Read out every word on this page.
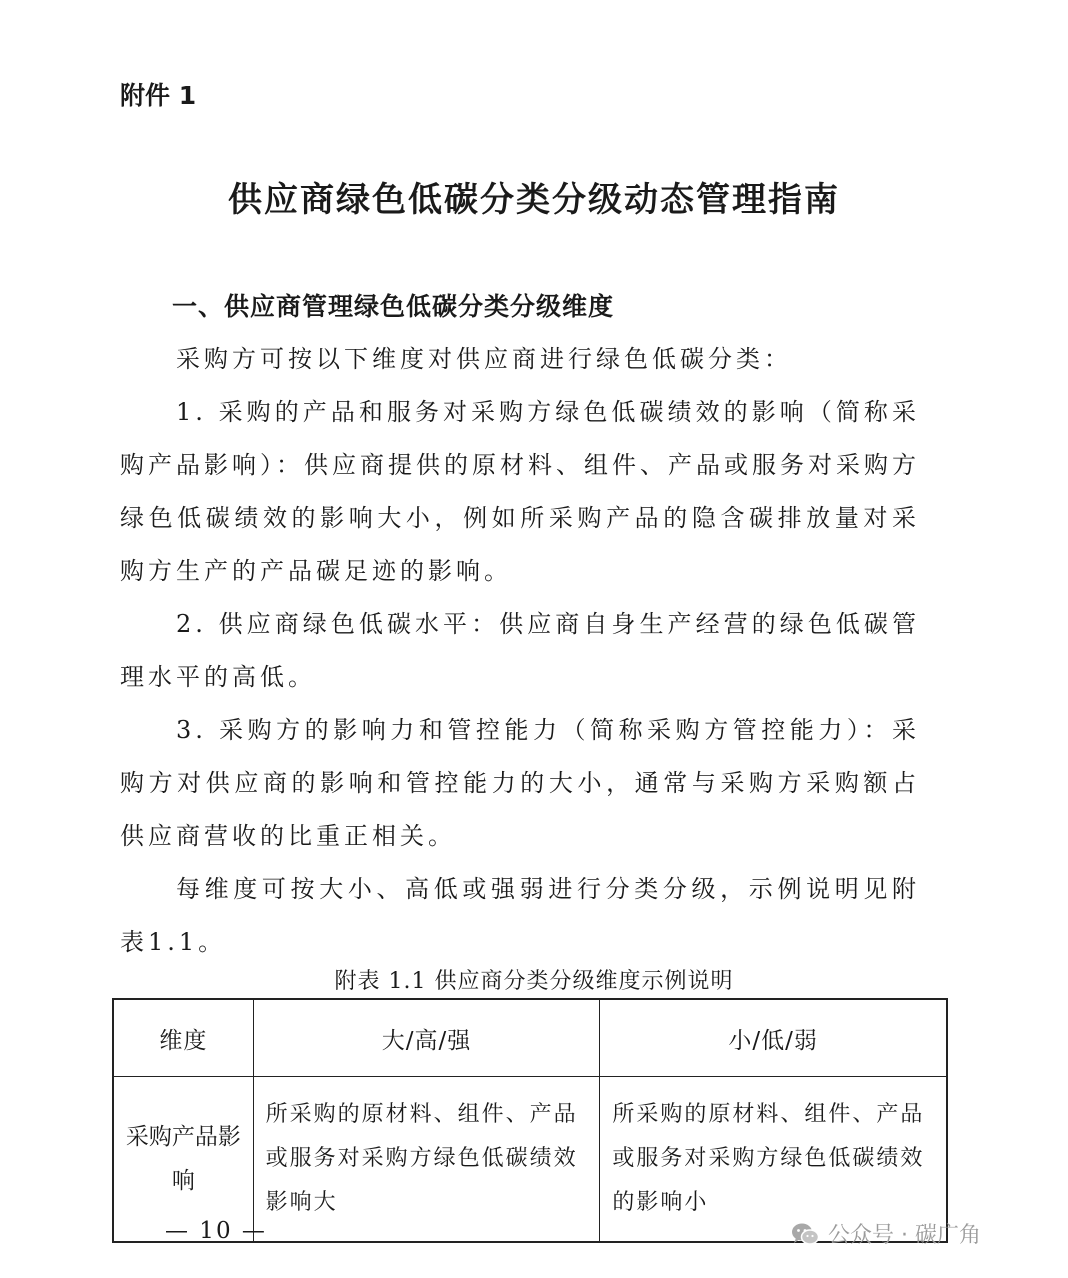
附件 1
供应商绿色低碳分类分级动态管理指南
一、供应商管理绿色低碳分类分级维度

采购方可按以下维度对供应商进行绿色低碳分类：

1. 采购的产品和服务对采购方绿色低碳绩效的影响（简称采购产品影响）：供应商提供的原材料、组件、产品或服务对采购方绿色低碳绩效的影响大小，例如所采购产品的隐含碳排放量对采购方生产的产品碳足迹的影响。

2. 供应商绿色低碳水平：供应商自身生产经营的绿色低碳管理水平的高低。

3. 采购方的影响力和管控能力（简称采购方管控能力）：采购方对供应商的影响和管控能力的大小，通常与采购方采购额占供应商营收的比重正相关。

每维度可按大小、高低或强弱进行分类分级，示例说明见附表1.1。

附表 1.1 供应商分类分级维度示例说明
维度	大/高/强	小/低/弱
采购产品影响	所采购的原材料、组件、产品或服务对采购方绿色低碳绩效影响大	所采购的原材料、组件、产品或服务对采购方绿色低碳绩效的影响小
— 10 —	公众号 · 碳广角
